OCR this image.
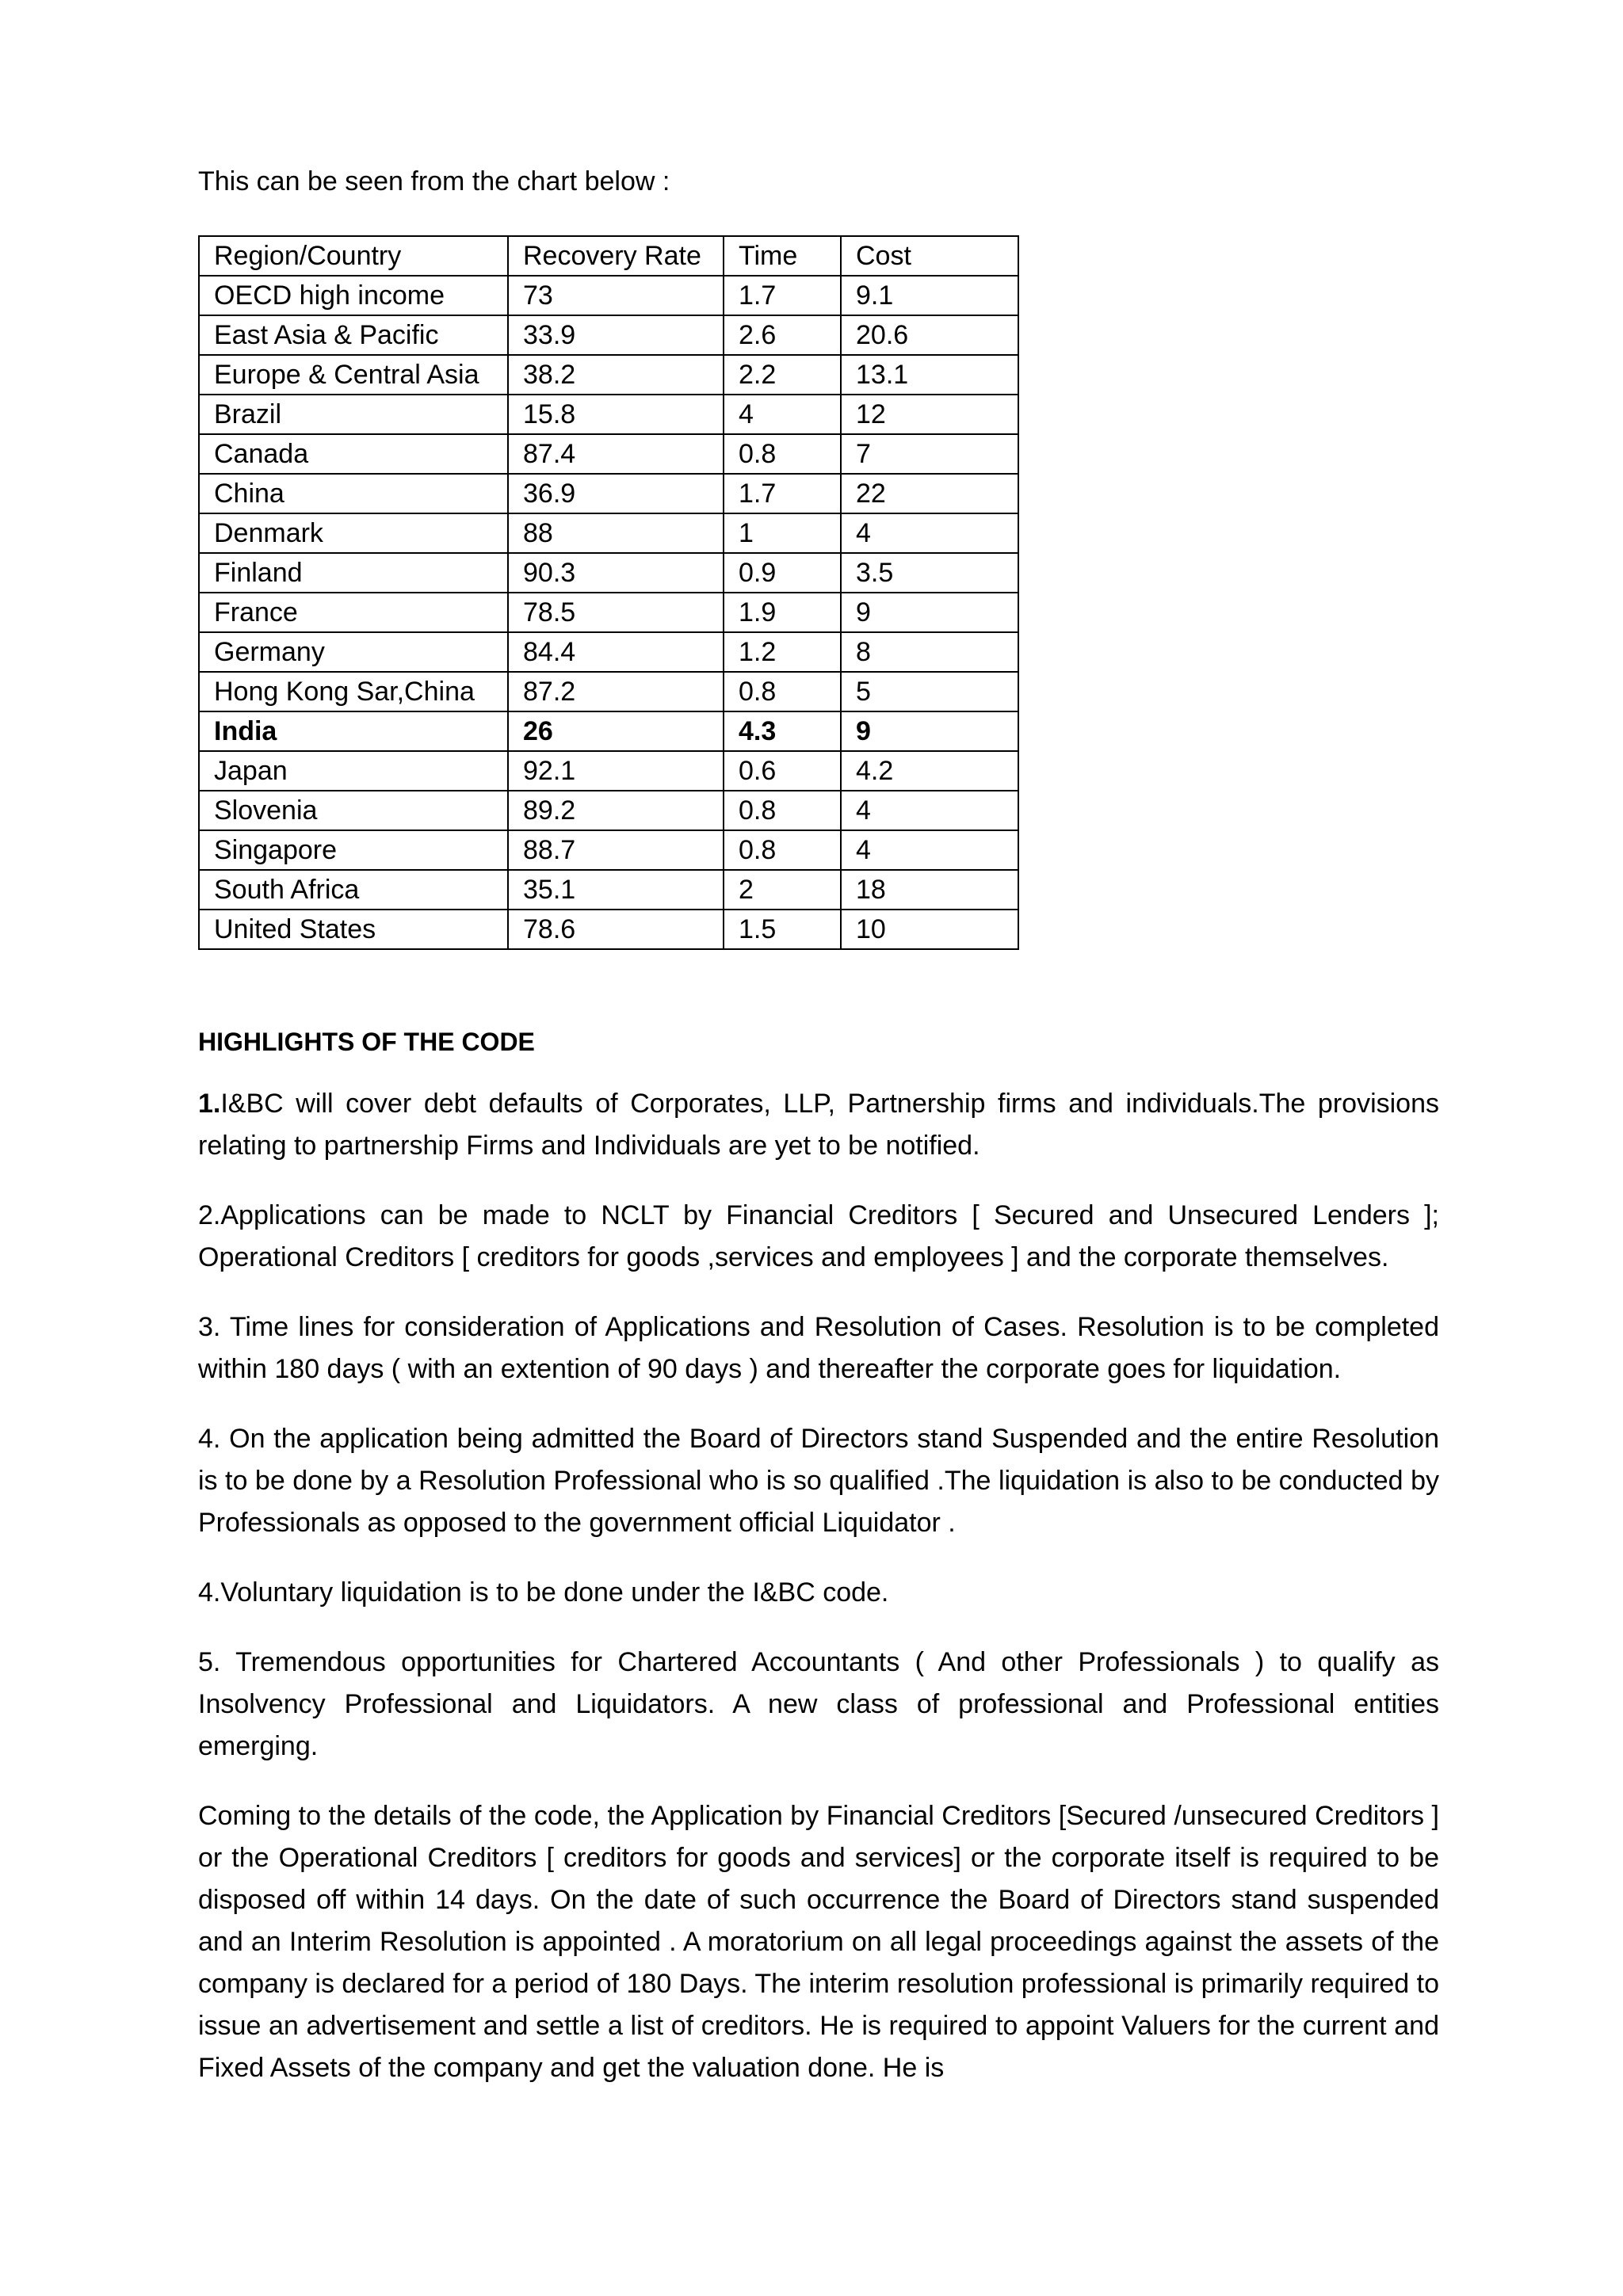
This can be seen from the chart below :

Region/Country	Recovery Rate	Time	Cost
OECD high income	73	1.7	9.1
East Asia & Pacific	33.9	2.6	20.6
Europe & Central Asia	38.2	2.2	13.1
Brazil	15.8	4	12
Canada	87.4	0.8	7
China	36.9	1.7	22
Denmark	88	1	4
Finland	90.3	0.9	3.5
France	78.5	1.9	9
Germany	84.4	1.2	8
Hong Kong Sar,China	87.2	0.8	5
India	26	4.3	9
Japan	92.1	0.6	4.2
Slovenia	89.2	0.8	4
Singapore	88.7	0.8	4
South Africa	35.1	2	18
United States	78.6	1.5	10
HIGHLIGHTS OF THE CODE

1.I&BC will cover debt defaults of Corporates, LLP, Partnership firms and individuals.The provisions relating to partnership Firms and Individuals are yet to be notified.

2.Applications can be made to NCLT by Financial Creditors [ Secured and Unsecured Lenders ]; Operational Creditors [ creditors for goods ,services and employees ] and the corporate themselves.

3. Time lines for consideration of Applications and Resolution of Cases. Resolution is to be completed within 180 days ( with an extention of 90 days ) and thereafter the corporate goes for liquidation.

4. On the application being admitted the Board of Directors stand Suspended and the entire Resolution is to be done by a Resolution Professional who is so qualified .The liquidation is also to be conducted by Professionals as opposed to the government official Liquidator .

4.Voluntary liquidation is to be done under the I&BC code.

5. Tremendous opportunities for Chartered Accountants ( And other Professionals ) to qualify as Insolvency Professional and Liquidators. A new class of professional and Professional entities emerging.

Coming to the details of the code, the Application by Financial Creditors [Secured /unsecured Creditors ] or the Operational Creditors [ creditors for goods and services] or the corporate itself is required to be disposed off within 14 days. On the date of such occurrence the Board of Directors stand suspended and an Interim Resolution is appointed . A moratorium on all legal proceedings against the assets of the company is declared for a period of 180 Days. The interim resolution professional is primarily required to issue an advertisement and settle a list of creditors. He is required to appoint Valuers for the current and Fixed Assets of the company and get the valuation done. He is
